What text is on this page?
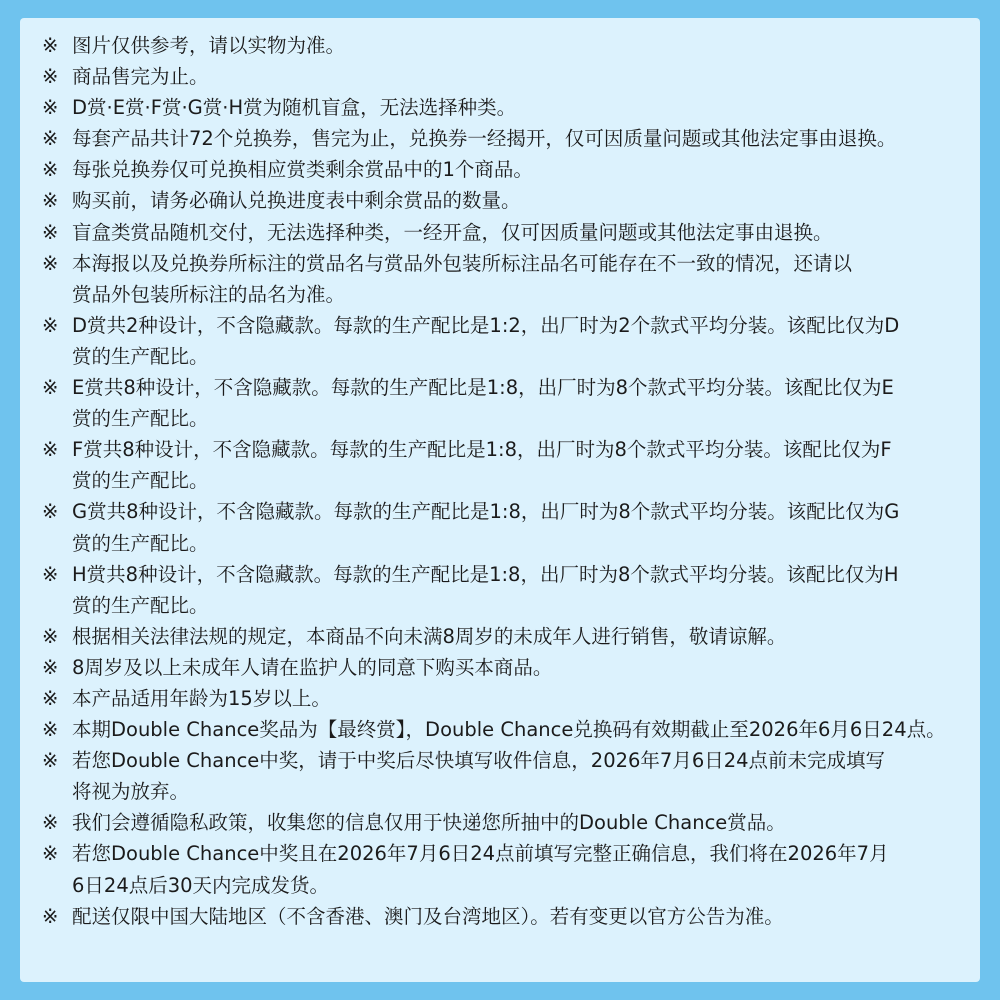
※ 图片仅供参考，请以实物为准。
※ 商品售完为止。
※ D赏·E赏·F赏·G赏·H赏为随机盲盒，无法选择种类。
※ 每套产品共计72个兑换券，售完为止，兑换券一经揭开，仅可因质量问题或其他法定事由退换。
※ 每张兑换券仅可兑换相应赏类剩余赏品中的1个商品。
※ 购买前，请务必确认兑换进度表中剩余赏品的数量。
※ 盲盒类赏品随机交付，无法选择种类，一经开盒，仅可因质量问题或其他法定事由退换。
※ 本海报以及兑换券所标注的赏品名与赏品外包装所标注品名可能存在不一致的情况，还请以
赏品外包装所标注的品名为准。
※ D赏共2种设计，不含隐藏款。每款的生产配比是1:2，出厂时为2个款式平均分装。该配比仅为D
赏的生产配比。
※ E赏共8种设计，不含隐藏款。每款的生产配比是1:8，出厂时为8个款式平均分装。该配比仅为E
赏的生产配比。
※ F赏共8种设计，不含隐藏款。每款的生产配比是1:8，出厂时为8个款式平均分装。该配比仅为F
赏的生产配比。
※ G赏共8种设计，不含隐藏款。每款的生产配比是1:8，出厂时为8个款式平均分装。该配比仅为G
赏的生产配比。
※ H赏共8种设计，不含隐藏款。每款的生产配比是1:8，出厂时为8个款式平均分装。该配比仅为H
赏的生产配比。
※ 根据相关法律法规的规定，本商品不向未满8周岁的未成年人进行销售，敬请谅解。
※ 8周岁及以上未成年人请在监护人的同意下购买本商品。
※ 本产品适用年龄为15岁以上。
※ 本期Double Chance奖品为【最终赏】，Double Chance兑换码有效期截止至2026年6月6日24点。
※ 若您Double Chance中奖，请于中奖后尽快填写收件信息，2026年7月6日24点前未完成填写
将视为放弃。
※ 我们会遵循隐私政策，收集您的信息仅用于快递您所抽中的Double Chance赏品。
※ 若您Double Chance中奖且在2026年7月6日24点前填写完整正确信息，我们将在2026年7月
6日24点后30天内完成发货。
※ 配送仅限中国大陆地区（不含香港、澳门及台湾地区）。若有变更以官方公告为准。
